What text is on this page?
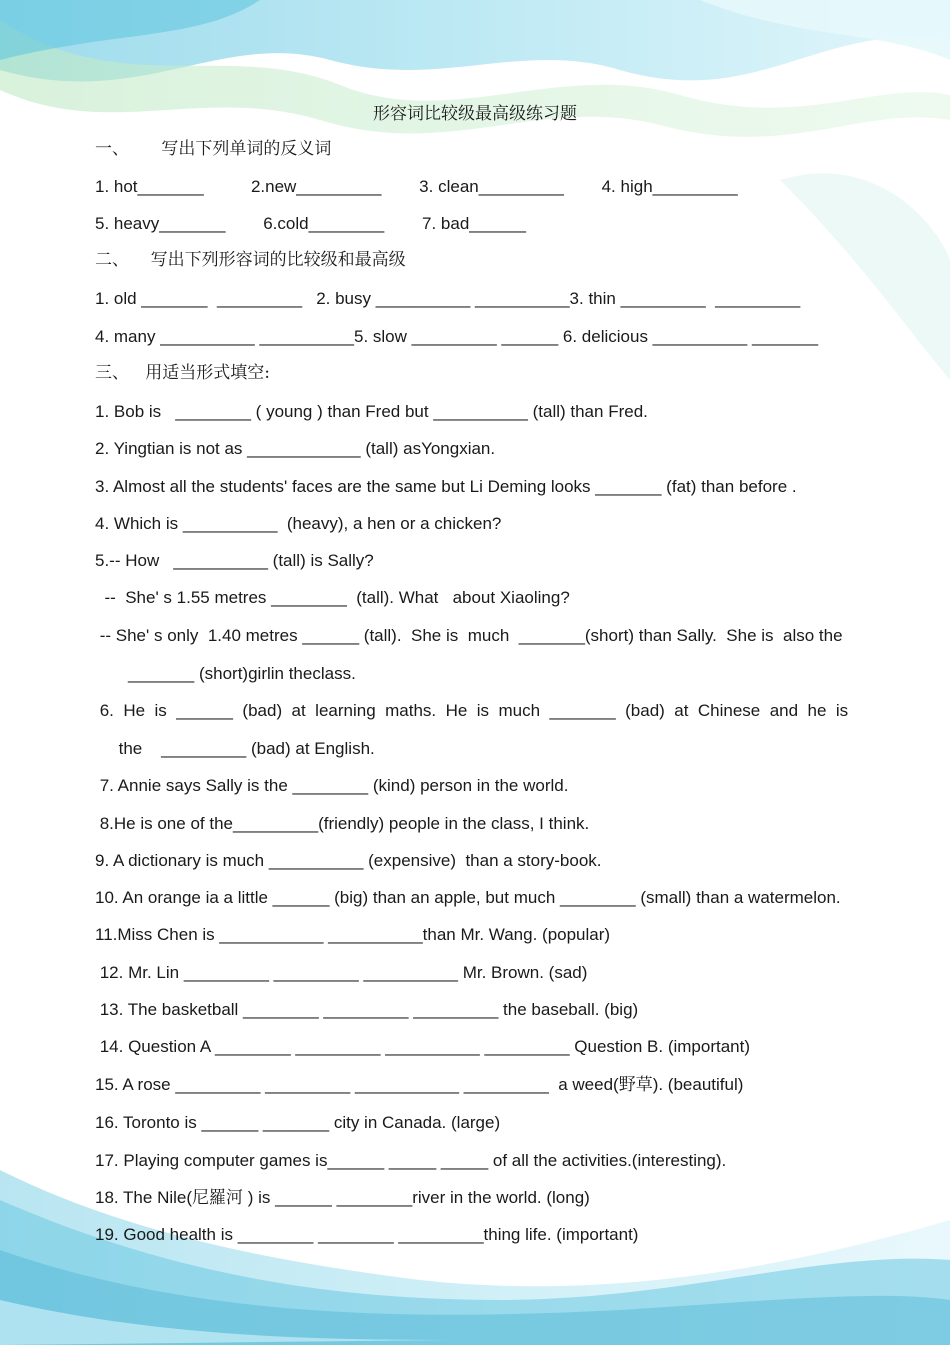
形容词比较级最高级练习题
一、      写出下列单词的反义词
1. hot_______          2.new_________        3. clean_________        4. high_________
5. heavy_______        6.cold________        7. bad______
二、    写出下列形容词的比较级和最高级
1. old _______  _________   2. busy __________ __________3. thin _________  _________
4. many __________ __________5. slow _________ ______ 6. delicious __________ _______
三、   用适当形式填空:
1. Bob is   ________ ( young ) than Fred but __________ (tall) than Fred.
2. Yingtian is not as ____________ (tall) asYongxian.
3. Almost all the students' faces are the same but Li Deming looks _______ (fat) than before .
4. Which is __________  (heavy), a hen or a chicken?
5.-- How   __________ (tall) is Sally?
--  She' s 1.55 metres ________  (tall). What   about Xiaoling?
-- She' s only  1.40 metres ______ (tall).  She is  much  _______(short) than Sally.  She is  also the
_______ (short)girlin theclass.
6.  He  is  ______  (bad)  at  learning  maths.  He  is  much  _______  (bad)  at  Chinese  and  he  is
the    _________ (bad) at English.
7. Annie says Sally is the ________ (kind) person in the world.
8.He is one of the_________(friendly) people in the class, I think.
9. A dictionary is much __________ (expensive)  than a story-book.
10. An orange ia a little ______ (big) than an apple, but much ________ (small) than a watermelon.
11.Miss Chen is ___________ __________than Mr. Wang. (popular)
12. Mr. Lin _________ _________ __________ Mr. Brown. (sad)
13. The basketball ________ _________ _________ the baseball. (big)
14. Question A ________ _________ __________ _________ Question B. (important)
15. A rose _________ _________ ___________ _________  a weed(野草). (beautiful)
16. Toronto is ______ _______ city in Canada. (large)
17. Playing computer games is______ _____ _____ of all the activities.(interesting).
18. The Nile(尼羅河 ) is ______ ________river in the world. (long)
19. Good health is ________ ________ _________thing life. (important)
